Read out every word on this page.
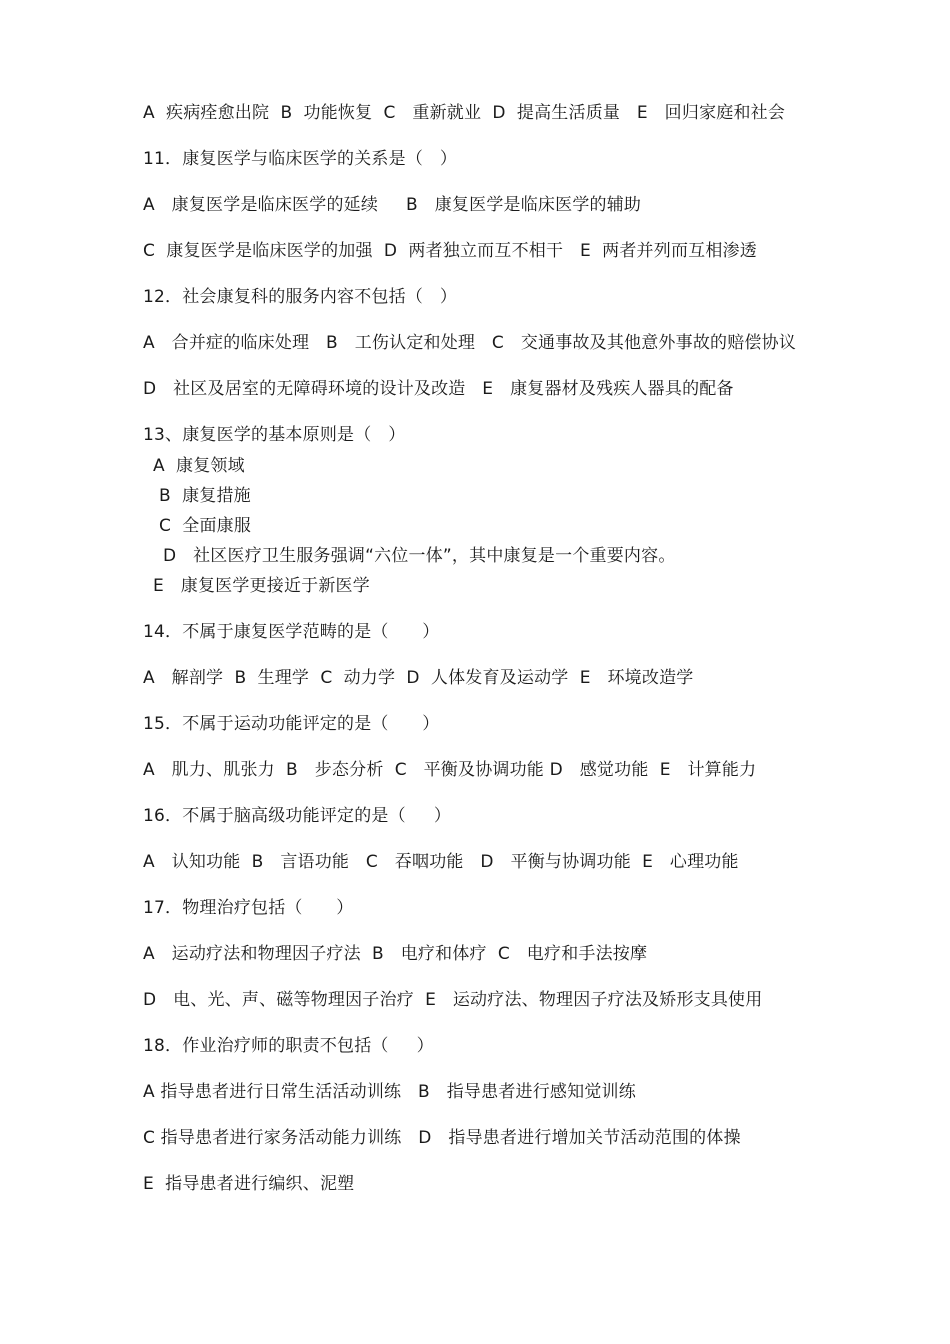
A  疾病痊愈出院  B  功能恢复  C   重新就业  D  提高生活质量   E   回归家庭和社会
11．康复医学与临床医学的关系是（   ）
A   康复医学是临床医学的延续     B   康复医学是临床医学的辅助
C  康复医学是临床医学的加强  D  两者独立而互不相干   E  两者并列而互相渗透
12．社会康复科的服务内容不包括（   ）
A   合并症的临床处理   B   工伤认定和处理   C   交通事故及其他意外事故的赔偿协议
D   社区及居室的无障碍环境的设计及改造   E   康复器材及残疾人器具的配备
13、康复医学的基本原则是（   ）
A  康复领域
B  康复措施
C  全面康服
D   社区医疗卫生服务强调“六位一体”，其中康复是一个重要内容。
E   康复医学更接近于新医学
14．不属于康复医学范畴的是（      ）
A   解剖学  B  生理学  C  动力学  D  人体发育及运动学  E   环境改造学
15．不属于运动功能评定的是（      ）
A   肌力、肌张力  B   步态分析  C   平衡及协调功能 D   感觉功能  E   计算能力
16．不属于脑高级功能评定的是（     ）
A   认知功能  B   言语功能   C   吞咽功能   D   平衡与协调功能  E   心理功能
17．物理治疗包括（      ）
A   运动疗法和物理因子疗法  B   电疗和体疗  C   电疗和手法按摩
D   电、光、声、磁等物理因子治疗  E   运动疗法、物理因子疗法及矫形支具使用
18．作业治疗师的职责不包括（     ）
A 指导患者进行日常生活活动训练   B   指导患者进行感知觉训练
C 指导患者进行家务活动能力训练   D   指导患者进行增加关节活动范围的体操
E  指导患者进行编织、泥塑
